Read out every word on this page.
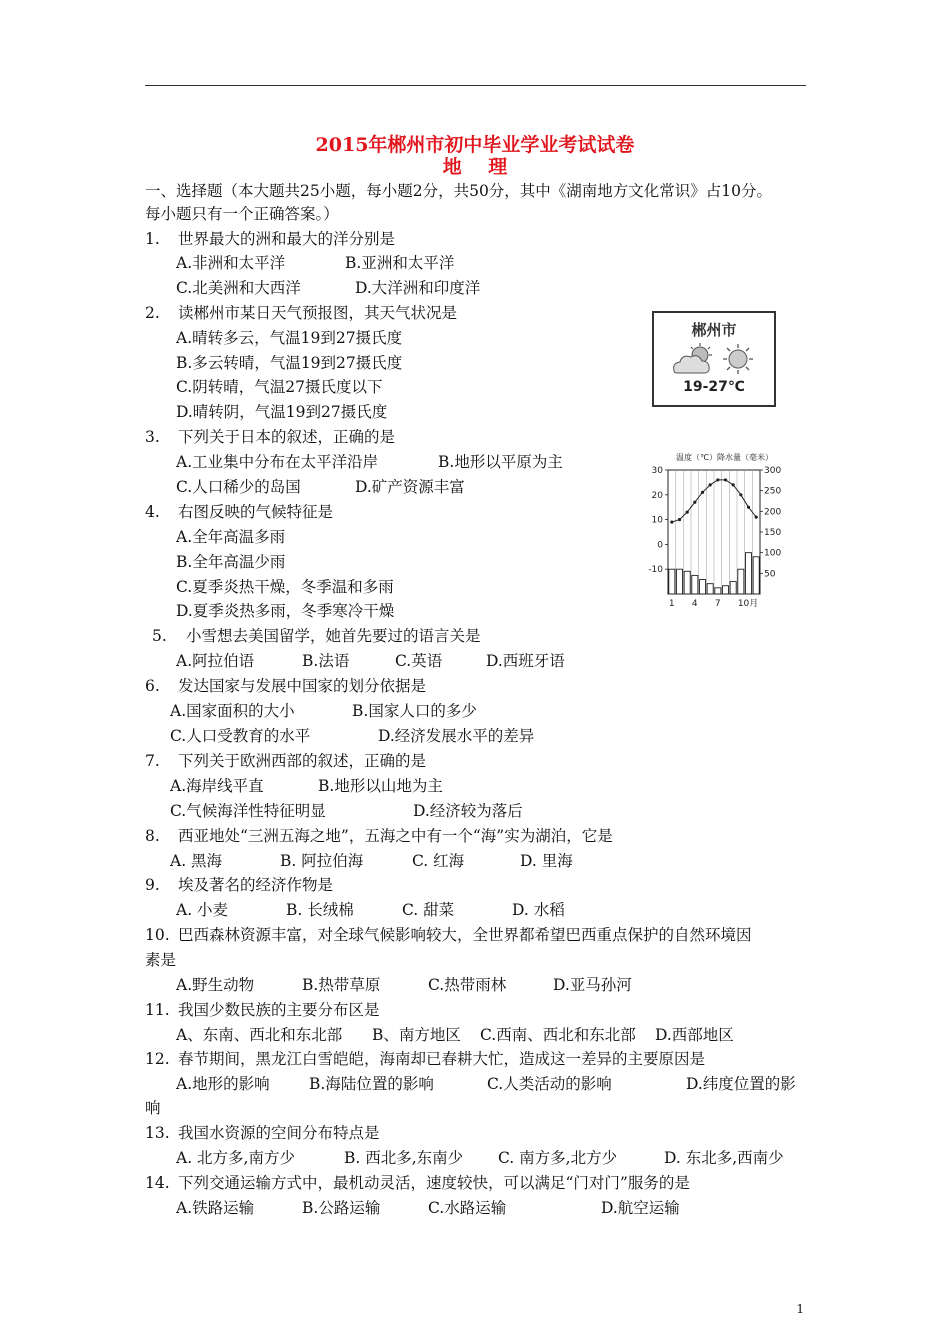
2015年郴州市初中毕业学业考试试卷
地    理
一、选择题（本大题共25小题，每小题2分，共50分，其中《湖南地方文化常识》占10分。
每小题只有一个正确答案。）
1. 世界最大的洲和最大的洋分别是
A.非洲和太平洋	B.亚洲和太平洋
C.北美洲和大西洋	D.大洋洲和印度洋
2. 读郴州市某日天气预报图，其天气状况是
A.晴转多云，气温19到27摄氏度
B.多云转晴，气温19到27摄氏度
C.阴转晴，气温27摄氏度以下
D.晴转阴，气温19到27摄氏度
郴州市
19-27℃
3. 下列关于日本的叙述，正确的是
A.工业集中分布在太平洋沿岸	B.地形以平原为主
C.人口稀少的岛国	D.矿产资源丰富
温度（℃）降水量（毫米）
30
20
10
0
-10
300
250
200
150
100
50
1 4 7 10月
4. 右图反映的气候特征是
A.全年高温多雨
B.全年高温少雨
C.夏季炎热干燥，冬季温和多雨
D.夏季炎热多雨，冬季寒冷干燥
5. 小雪想去美国留学，她首先要过的语言关是
A.阿拉伯语	B.法语	C.英语	D.西班牙语
6. 发达国家与发展中国家的划分依据是
A.国家面积的大小	B.国家人口的多少
C.人口受教育的水平	D.经济发展水平的差异
7. 下列关于欧洲西部的叙述，正确的是
A.海岸线平直	B.地形以山地为主
C.气候海洋性特征明显	D.经济较为落后
8. 西亚地处“三洲五海之地”，五海之中有一个“海”实为湖泊，它是
A. 黑海	B. 阿拉伯海	C. 红海	D. 里海
9. 埃及著名的经济作物是
A. 小麦	B. 长绒棉	C. 甜菜	D. 水稻
10. 巴西森林资源丰富，对全球气候影响较大，全世界都希望巴西重点保护的自然环境因
素是
A.野生动物	B.热带草原	C.热带雨林	D.亚马孙河
11. 我国少数民族的主要分布区是
A、东南、西北和东北部 B、南方地区 C.西南、西北和东北部 D.西部地区
12. 春节期间，黑龙江白雪皑皑，海南却已春耕大忙，造成这一差异的主要原因是
A.地形的影响	B.海陆位置的影响	C.人类活动的影响	D.纬度位置的影
响
13. 我国水资源的空间分布特点是
A. 北方多,南方少	B. 西北多,东南少 C. 南方多,北方少	D. 东北多,西南少
14. 下列交通运输方式中，最机动灵活，速度较快，可以满足“门对门”服务的是
A.铁路运输	B.公路运输	C.水路运输	D.航空运输
1
